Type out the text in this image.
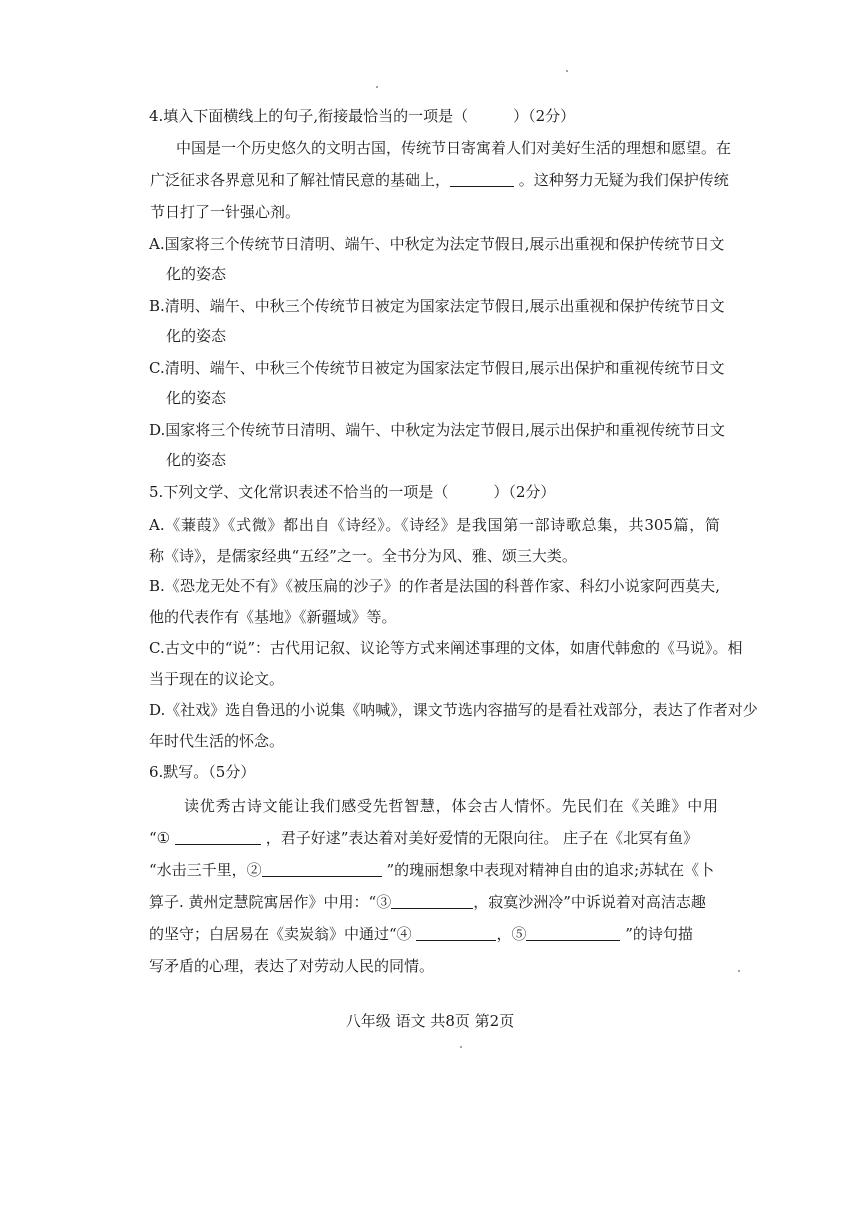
4.填入下面横线上的句子,衔接最恰当的一项是（　　　）（2分）
中国是一个历史悠久的文明古国，传统节日寄寓着人们对美好生活的理想和愿望。在
广泛征求各界意见和了解社情民意的基础上，	。这种努力无疑为我们保护传统
节日打了一针强心剂。
A.国家将三个传统节日清明、端午、中秋定为法定节假日,展示出重视和保护传统节日文
化的姿态
B.清明、端午、中秋三个传统节日被定为国家法定节假日,展示出重视和保护传统节日文
化的姿态
C.清明、端午、中秋三个传统节日被定为国家法定节假日,展示出保护和重视传统节日文
化的姿态
D.国家将三个传统节日清明、端午、中秋定为法定节假日,展示出保护和重视传统节日文
化的姿态
5.下列文学、文化常识表述不恰当的一项是（　　　）（2分）
A.《蒹葭》《式微》都出自《诗经》。《诗经》是我国第一部诗歌总集，共305篇，简
称《诗》，是儒家经典“五经”之一。全书分为风、雅、颂三大类。
B.《恐龙无处不有》《被压扁的沙子》的作者是法国的科普作家、科幻小说家阿西莫夫,
他的代表作有《基地》《新疆域》等。
C.古文中的“说”：古代用记叙、议论等方式来阐述事理的文体，如唐代韩愈的《马说》。相
当于现在的议论文。
D.《社戏》选自鲁迅的小说集《呐喊》，课文节选内容描写的是看社戏部分，表达了作者对少
年时代生活的怀念。
6.默写。（5分）
读优秀古诗文能让我们感受先哲智慧，体会古人情怀。先民们在《关雎》中用
“①	，君子好逑”表达着对美好爱情的无限向往。 庄子在《北冥有鱼》
“水击三千里，②	”的瑰丽想象中表现对精神自由的追求;苏轼在《卜
算子. 黄州定慧院寓居作》中用：“③	，寂寞沙洲冷”中诉说着对高洁志趣
的坚守；白居易在《卖炭翁》中通过“④	，⑤	”的诗句描
写矛盾的心理，表达了对劳动人民的同情。
八年级 语文 共8页 第2页
